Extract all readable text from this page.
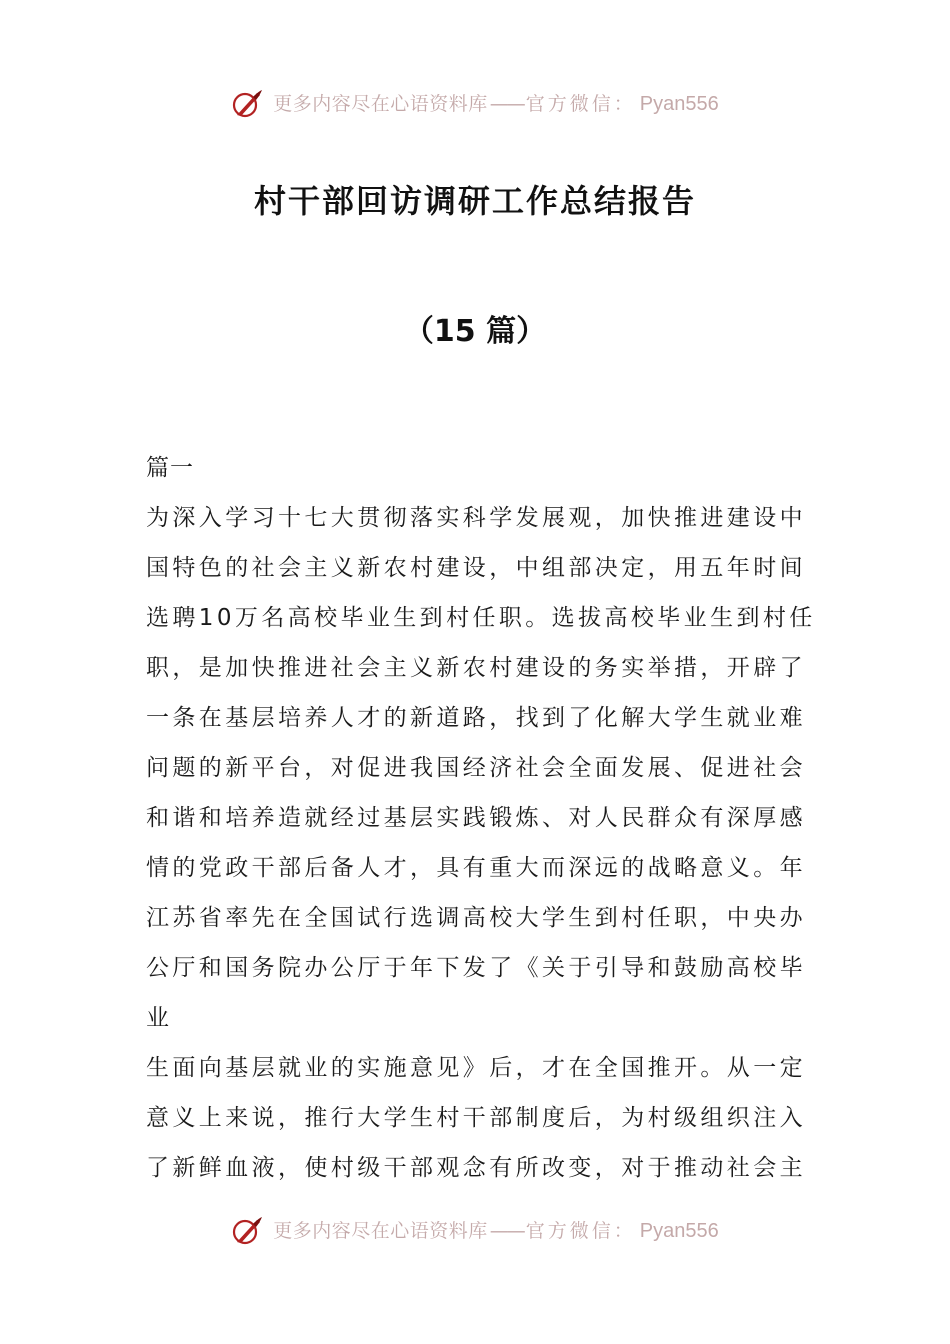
更多内容尽在心语资料库 —— 官方微信： Pyan556
村干部回访调研工作总结报告
（15 篇）
篇一
为深入学习十七大贯彻落实科学发展观，加快推进建设中
国特色的社会主义新农村建设，中组部决定，用五年时间
选聘10万名高校毕业生到村任职。选拔高校毕业生到村任
职，是加快推进社会主义新农村建设的务实举措，开辟了
一条在基层培养人才的新道路，找到了化解大学生就业难
问题的新平台，对促进我国经济社会全面发展、促进社会
和谐和培养造就经过基层实践锻炼、对人民群众有深厚感
情的党政干部后备人才，具有重大而深远的战略意义。年
江苏省率先在全国试行选调高校大学生到村任职，中央办
公厅和国务院办公厅于年下发了《关于引导和鼓励高校毕
业
生面向基层就业的实施意见》后，才在全国推开。从一定
意义上来说，推行大学生村干部制度后，为村级组织注入
了新鲜血液，使村级干部观念有所改变，对于推动社会主
更多内容尽在心语资料库 —— 官方微信： Pyan556
